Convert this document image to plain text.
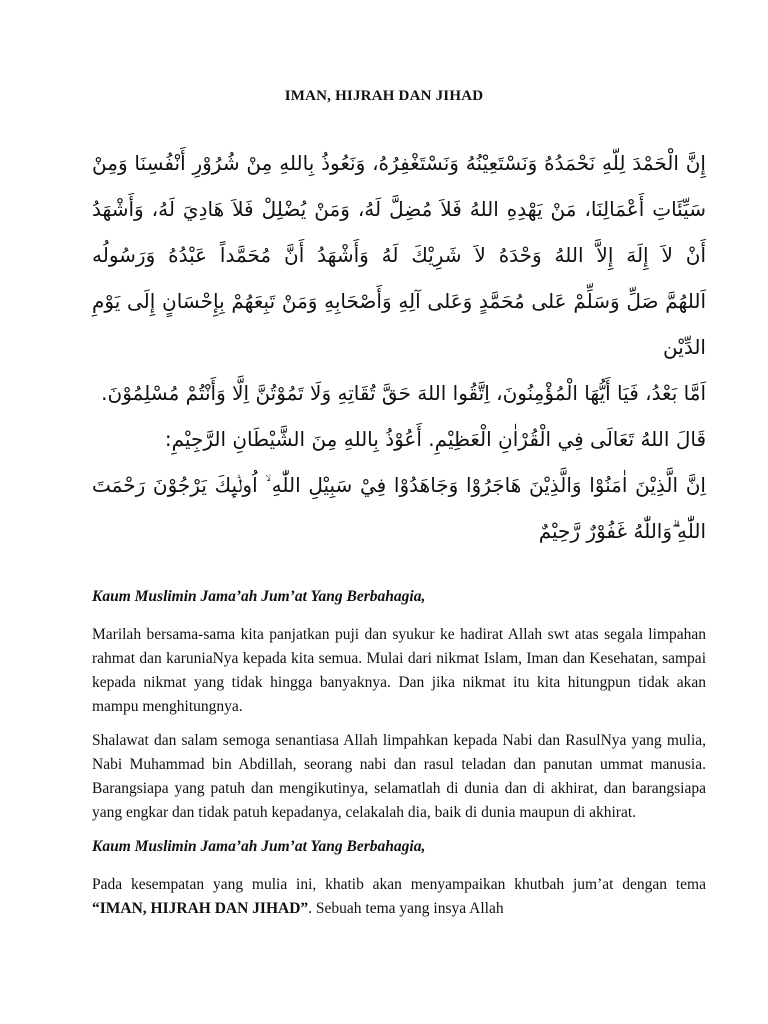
IMAN, HIJRAH DAN JIHAD

إِنَّ الْحَمْدَ لِلّهِ نَحْمَدُهُ وَنَسْتَعِيْنُهُ وَنَسْتَغْفِرُهُ، وَنَعُوذُ بِاللهِ مِنْ شُرُوْرِ أَنْفُسِنَا وَمِنْ سَيِّئَاتِ أَعْمَالِنَا، مَنْ يَهْدِهِ اللهُ فَلاَ مُضِلَّ لَهُ، وَمَنْ يُضْلِلْ فَلاَ هَادِيَ لَهُ، وَأَشْهَدُ أَنْ لاَ إِلَهَ إِلاَّ اللهُ وَحْدَهُ لاَ شَرِيْكَ لَهُ وَأَشْهَدُ أَنَّ مُحَمَّداً عَبْدُهُ وَرَسُولُه

اَللهُمَّ صَلِّ وَسَلِّمْ عَلى مُحَمَّدٍ وَعَلى آلِهِ وَأَصْحَابِهِ وَمَنْ تَبِعَهُمْ بِإِحْسَانٍ إِلَى يَوْمِ الدِّيْن

اَمَّا بَعْدُ، فَيَا أَيُّهَا الْمُؤْمِنُونَ، اِتَّقُوا اللهَ حَقَّ تُقَاتِهِ وَلَا تَمُوْتُنَّ اِلَّا وَأَنْتُمْ مُسْلِمُوْنَ.

قَالَ اللهُ تَعَالَى فِي الْقُرْاٰنِ الْعَظِيْمِ. أَعُوْذُ بِاللهِ مِنَ الشَّيْطَانِ الرَّجِيْمِ:

اِنَّ الَّذِيْنَ اٰمَنُوْا وَالَّذِيْنَ هَاجَرُوْا وَجَاهَدُوْا فِيْ سَبِيْلِ اللّٰهِ ۙ اُولٰۤىِٕكَ يَرْجُوْنَ رَحْمَتَ اللّٰهِ ۗوَاللّٰهُ غَفُوْرٌ رَّحِيْمٌ

Kaum Muslimin Jama’ah Jum’at Yang Berbahagia,

Marilah bersama-sama kita panjatkan puji dan syukur ke hadirat Allah swt atas segala limpahan rahmat dan karuniaNya kepada kita semua. Mulai dari nikmat Islam, Iman dan Kesehatan, sampai kepada nikmat yang tidak hingga banyaknya. Dan jika nikmat itu kita hitungpun tidak akan mampu menghitungnya.

Shalawat dan salam semoga senantiasa Allah limpahkan kepada Nabi dan RasulNya yang mulia, Nabi Muhammad bin Abdillah, seorang nabi dan rasul teladan dan panutan ummat manusia. Barangsiapa yang patuh dan mengikutinya, selamatlah di dunia dan di akhirat, dan barangsiapa yang engkar dan tidak patuh kepadanya, celakalah dia, baik di dunia maupun di akhirat.

Kaum Muslimin Jama’ah Jum’at Yang Berbahagia,

Pada kesempatan yang mulia ini, khatib akan menyampaikan khutbah jum’at dengan tema “IMAN, HIJRAH DAN JIHAD”. Sebuah tema yang insya Allah
